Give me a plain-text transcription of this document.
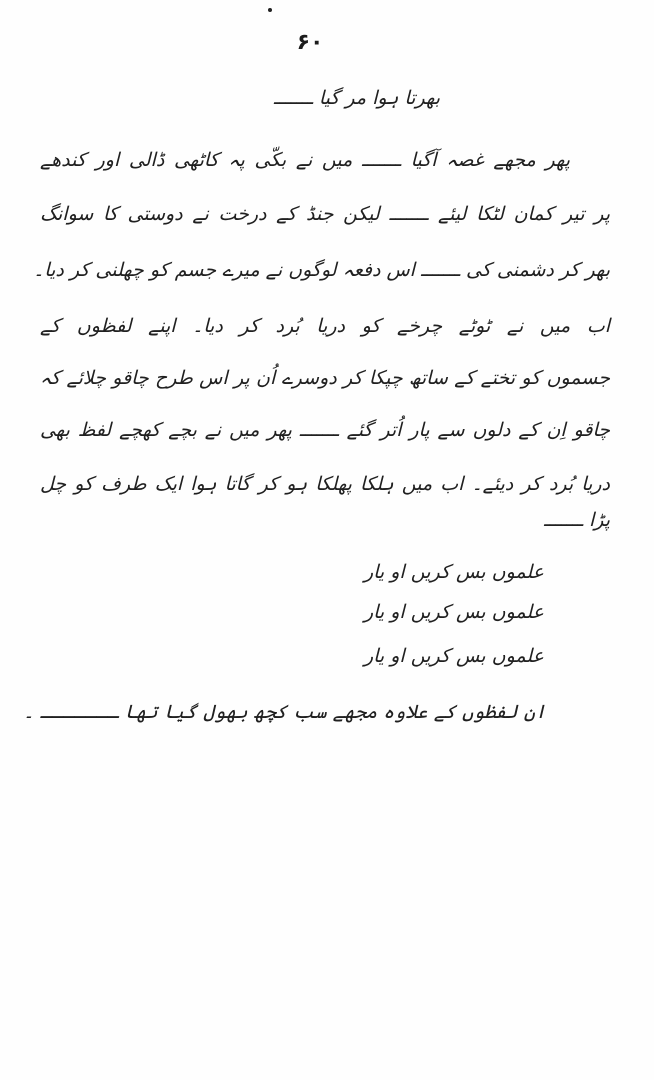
۶۰
بھرتا ہوا مر گیا ـــــــ
پھر مجھے غصہ آگیا ـــــــ میں نے بکّی پہ کاٹھی ڈالی اور کندھے
پر تیر کمان لٹکا لیئے ـــــــ لیکن جنڈ کے درخت نے دوستی کا سوانگ
بھر کر دشمنی کی ـــــــ اس دفعہ لوگوں نے میرے جسم کو چھلنی کر دیا۔
اب میں نے ٹوٹے چرخے کو دریا بُرد کر دیا۔ اپنے لفظوں کے
جسموں کو تختے کے ساتھ چپکا کر دوسرے اُن پر اس طرح چاقو چلائے کہ
چاقو اِن کے دلوں سے پار اُتر گئے ـــــــ پھر میں نے بچے کھچے لفظ بھی
دریا بُرد کر دیئے۔ اب میں ہلکا پھلکا ہو کر گاتا ہوا ایک طرف کو چل
پڑا ـــــــ
علموں بس کریں او یار
علموں بس کریں او یار
علموں بس کریں او یار
ان لفظوں کے علاوہ مجھے سب کچھ بھول گیا تھا ـــــــ ۔
